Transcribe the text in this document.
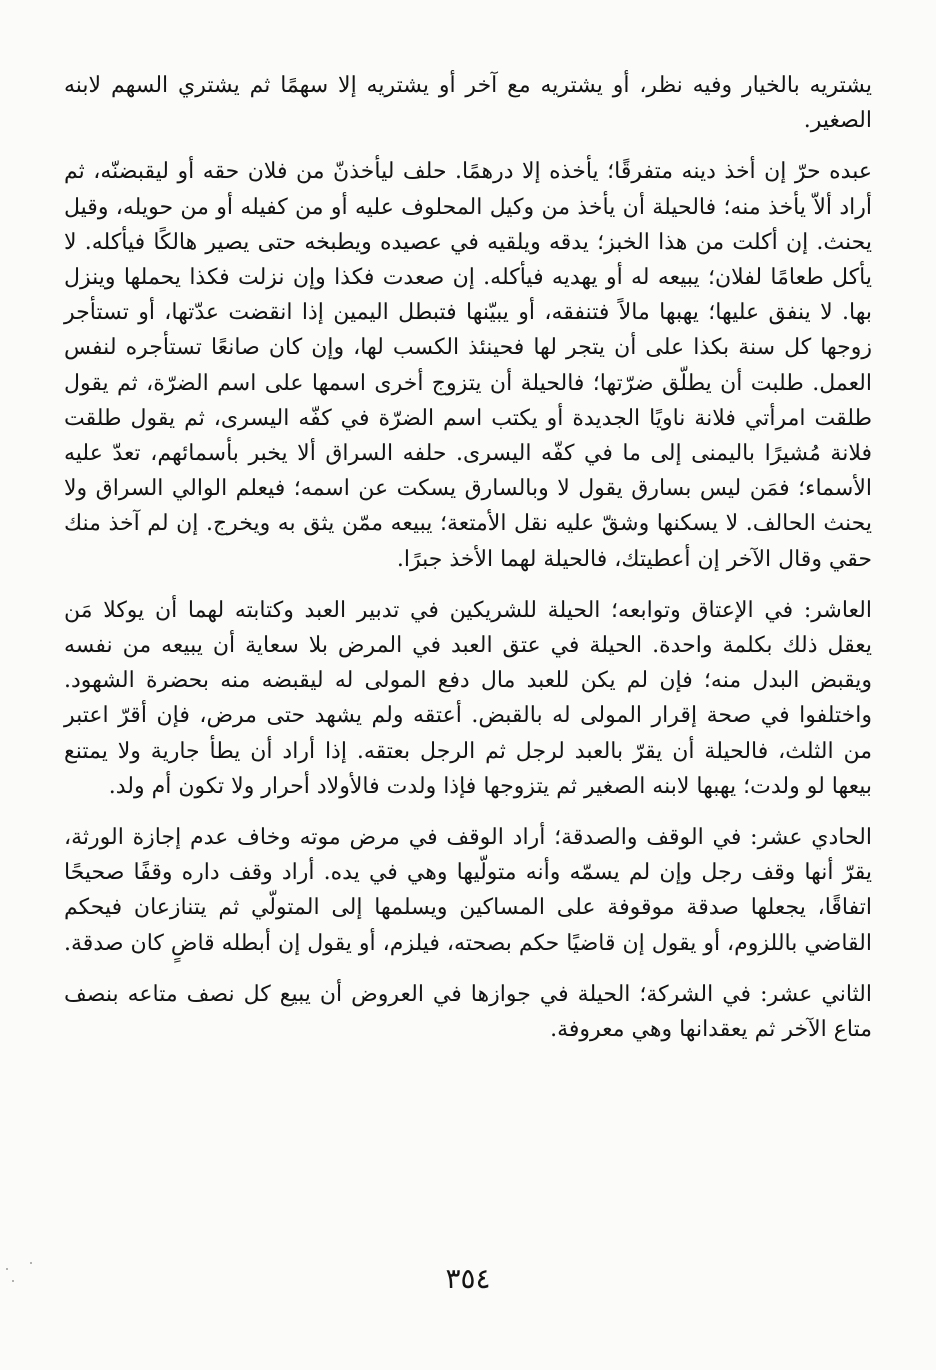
يشتريه بالخيار وفيه نظر، أو يشتريه مع آخر أو يشتريه إلا سهمًا ثم يشتري السهم لابنه الصغير.

عبده حرّ إن أخذ دينه متفرقًا؛ يأخذه إلا درهمًا. حلف ليأخذنّ من فلان حقه أو ليقبضنّه، ثم أراد ألاّ يأخذ منه؛ فالحيلة أن يأخذ من وكيل المحلوف عليه أو من كفيله أو من حويله، وقيل يحنث. إن أكلت من هذا الخبز؛ يدقه ويلقيه في عصيده ويطبخه حتى يصير هالكًا فيأكله. لا يأكل طعامًا لفلان؛ يبيعه له أو يهديه فيأكله. إن صعدت فكذا وإن نزلت فكذا يحملها وينزل بها. لا ينفق عليها؛ يهبها مالاً فتنفقه، أو يبيّنها فتبطل اليمين إذا انقضت عدّتها، أو تستأجر زوجها كل سنة بكذا على أن يتجر لها فحينئذ الكسب لها، وإن كان صانعًا تستأجره لنفس العمل. طلبت أن يطلّق ضرّتها؛ فالحيلة أن يتزوج أخرى اسمها على اسم الضرّة، ثم يقول طلقت امرأتي فلانة ناويًا الجديدة أو يكتب اسم الضرّة في كفّه اليسرى، ثم يقول طلقت فلانة مُشيرًا باليمنى إلى ما في كفّه اليسرى. حلفه السراق ألا يخبر بأسمائهم، تعدّ عليه الأسماء؛ فمَن ليس بسارق يقول لا وبالسارق يسكت عن اسمه؛ فيعلم الوالي السراق ولا يحنث الحالف. لا يسكنها وشقّ عليه نقل الأمتعة؛ يبيعه ممّن يثق به ويخرج. إن لم آخذ منك حقي وقال الآخر إن أعطيتك، فالحيلة لهما الأخذ جبرًا.

العاشر: في الإعتاق وتوابعه؛ الحيلة للشريكين في تدبير العبد وكتابته لهما أن يوكلا مَن يعقل ذلك بكلمة واحدة. الحيلة في عتق العبد في المرض بلا سعاية أن يبيعه من نفسه ويقبض البدل منه؛ فإن لم يكن للعبد مال دفع المولى له ليقبضه منه بحضرة الشهود. واختلفوا في صحة إقرار المولى له بالقبض. أعتقه ولم يشهد حتى مرض، فإن أقرّ اعتبر من الثلث، فالحيلة أن يقرّ بالعبد لرجل ثم الرجل بعتقه. إذا أراد أن يطأ جارية ولا يمتنع بيعها لو ولدت؛ يهبها لابنه الصغير ثم يتزوجها فإذا ولدت فالأولاد أحرار ولا تكون أم ولد.

الحادي عشر: في الوقف والصدقة؛ أراد الوقف في مرض موته وخاف عدم إجازة الورثة، يقرّ أنها وقف رجل وإن لم يسمّه وأنه متولّيها وهي في يده. أراد وقف داره وقفًا صحيحًا اتفاقًا، يجعلها صدقة موقوفة على المساكين ويسلمها إلى المتولّي ثم يتنازعان فيحكم القاضي باللزوم، أو يقول إن قاضيًا حكم بصحته، فيلزم، أو يقول إن أبطله قاضٍ كان صدقة.

الثاني عشر: في الشركة؛ الحيلة في جوازها في العروض أن يبيع كل نصف متاعه بنصف متاع الآخر ثم يعقدانها وهي معروفة.

٣٥٤
